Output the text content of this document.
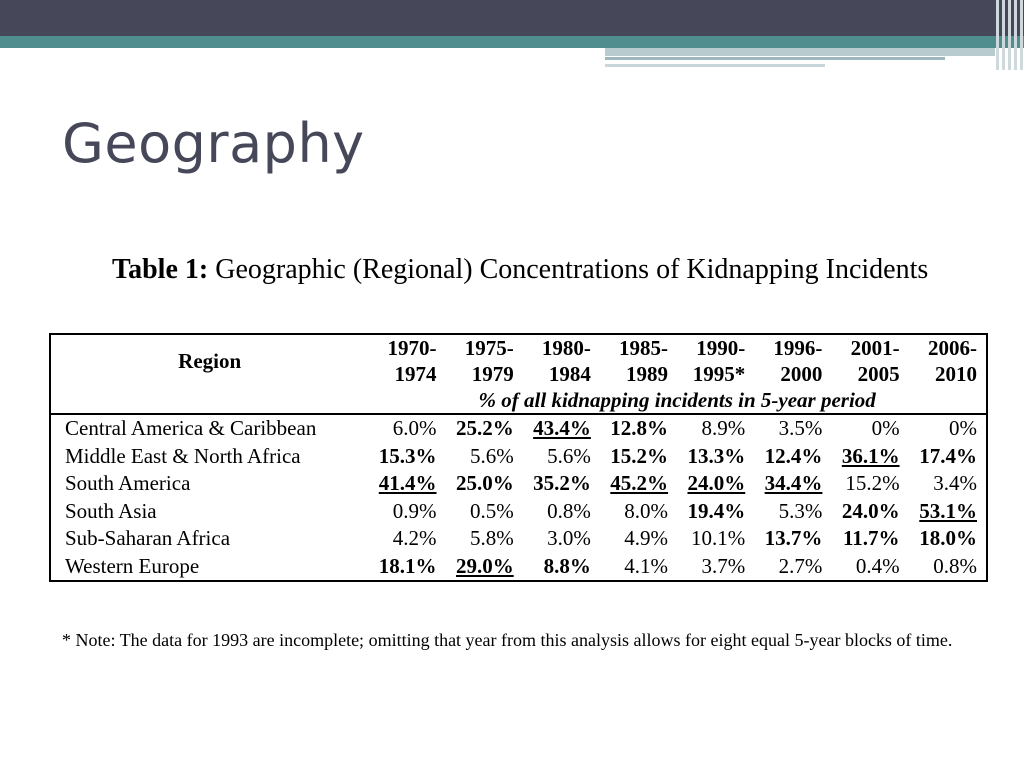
Geography
Table 1: Geographic (Regional) Concentrations of Kidnapping Incidents
Region	1970-	1975-	1980-	1985-	1990-	1996-	2001-	2006-
	1974	1979	1984	1989	1995*	2000	2005	2010
	% of all kidnapping incidents in 5-year period							
Central America & Caribbean	6.0%	25.2%	43.4%	12.8%	8.9%	3.5%	0%	0%
Middle East & North Africa	15.3%	5.6%	5.6%	15.2%	13.3%	12.4%	36.1%	17.4%
South America	41.4%	25.0%	35.2%	45.2%	24.0%	34.4%	15.2%	3.4%
South Asia	0.9%	0.5%	0.8%	8.0%	19.4%	5.3%	24.0%	53.1%
Sub-Saharan Africa	4.2%	5.8%	3.0%	4.9%	10.1%	13.7%	11.7%	18.0%
Western Europe	18.1%	29.0%	8.8%	4.1%	3.7%	2.7%	0.4%	0.8%
* Note: The data for 1993 are incomplete; omitting that year from this analysis allows for eight equal 5-year blocks of time.
